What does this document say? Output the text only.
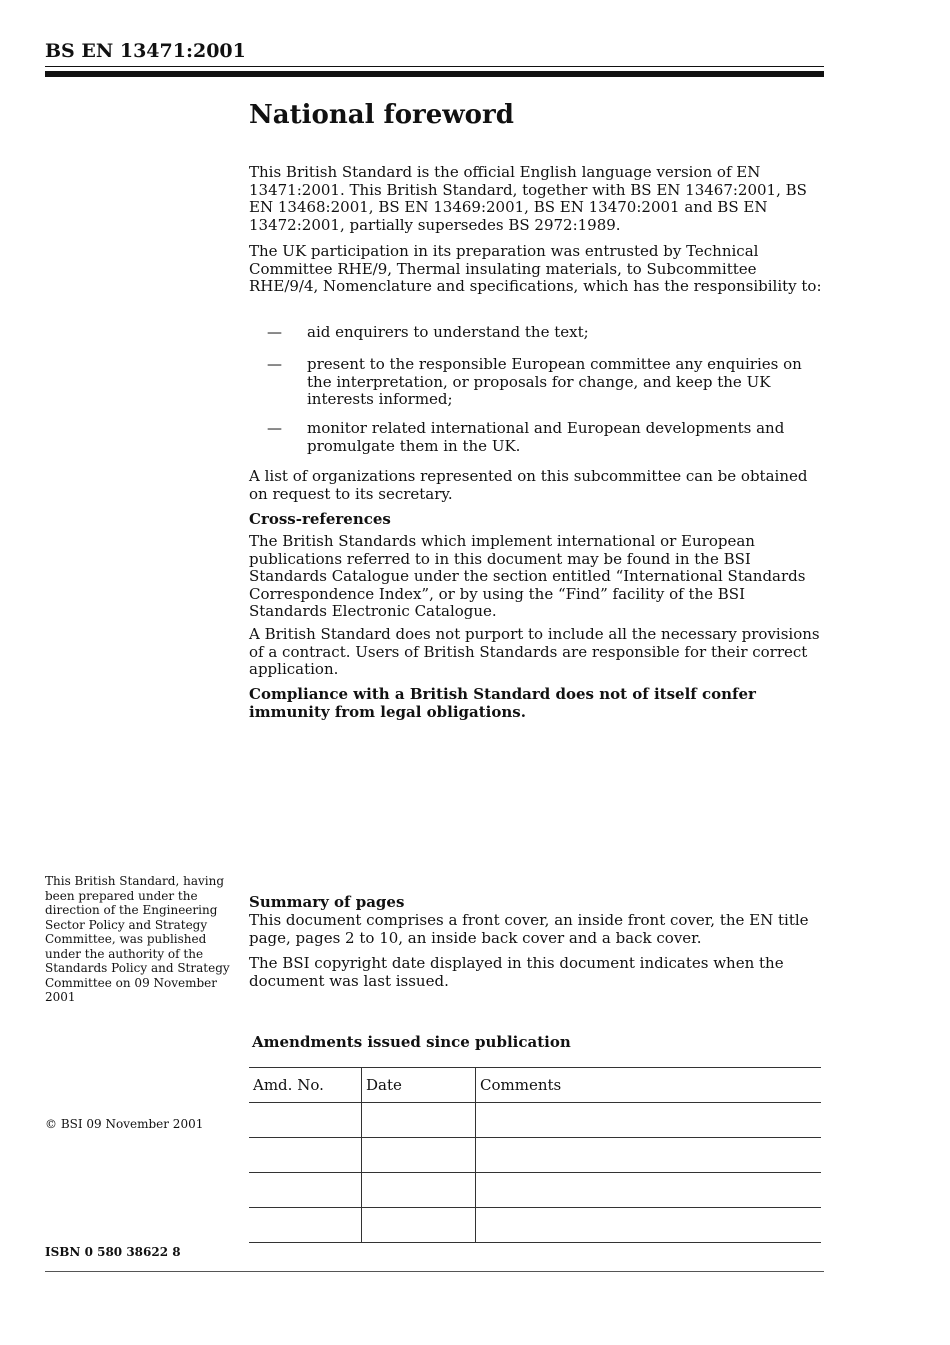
BS EN 13471:2001
National foreword

This British Standard is the official English language version of EN 13471:2001. This British Standard, together with BS EN 13467:2001, BS EN 13468:2001, BS EN 13469:2001, BS EN 13470:2001 and BS EN 13472:2001, partially supersedes BS 2972:1989.

The UK participation in its preparation was entrusted by Technical Committee RHE/9, Thermal insulating materials, to Subcommittee RHE/9/4, Nomenclature and specifications, which has the responsibility to:

— aid enquirers to understand the text;
— present to the responsible European committee any enquiries on the interpretation, or proposals for change, and keep the UK interests informed;
— monitor related international and European developments and promulgate them in the UK.

A list of organizations represented on this subcommittee can be obtained on request to its secretary.

Cross-references

The British Standards which implement international or European publications referred to in this document may be found in the BSI Standards Catalogue under the section entitled “International Standards Correspondence Index”, or by using the “Find” facility of the BSI Standards Electronic Catalogue.

A British Standard does not purport to include all the necessary provisions of a contract. Users of British Standards are responsible for their correct application.

Compliance with a British Standard does not of itself confer immunity from legal obligations.
This British Standard, having been prepared under the direction of the Engineering Sector Policy and Strategy Committee, was published under the authority of the Standards Policy and Strategy Committee on 09 November 2001
Summary of pages

This document comprises a front cover, an inside front cover, the EN title page, pages 2 to 10, an inside back cover and a back cover.

The BSI copyright date displayed in this document indicates when the document was last issued.

Amendments issued since publication
Amd. No.	Date	Comments

© BSI 09 November 2001
ISBN 0 580 38622 8
